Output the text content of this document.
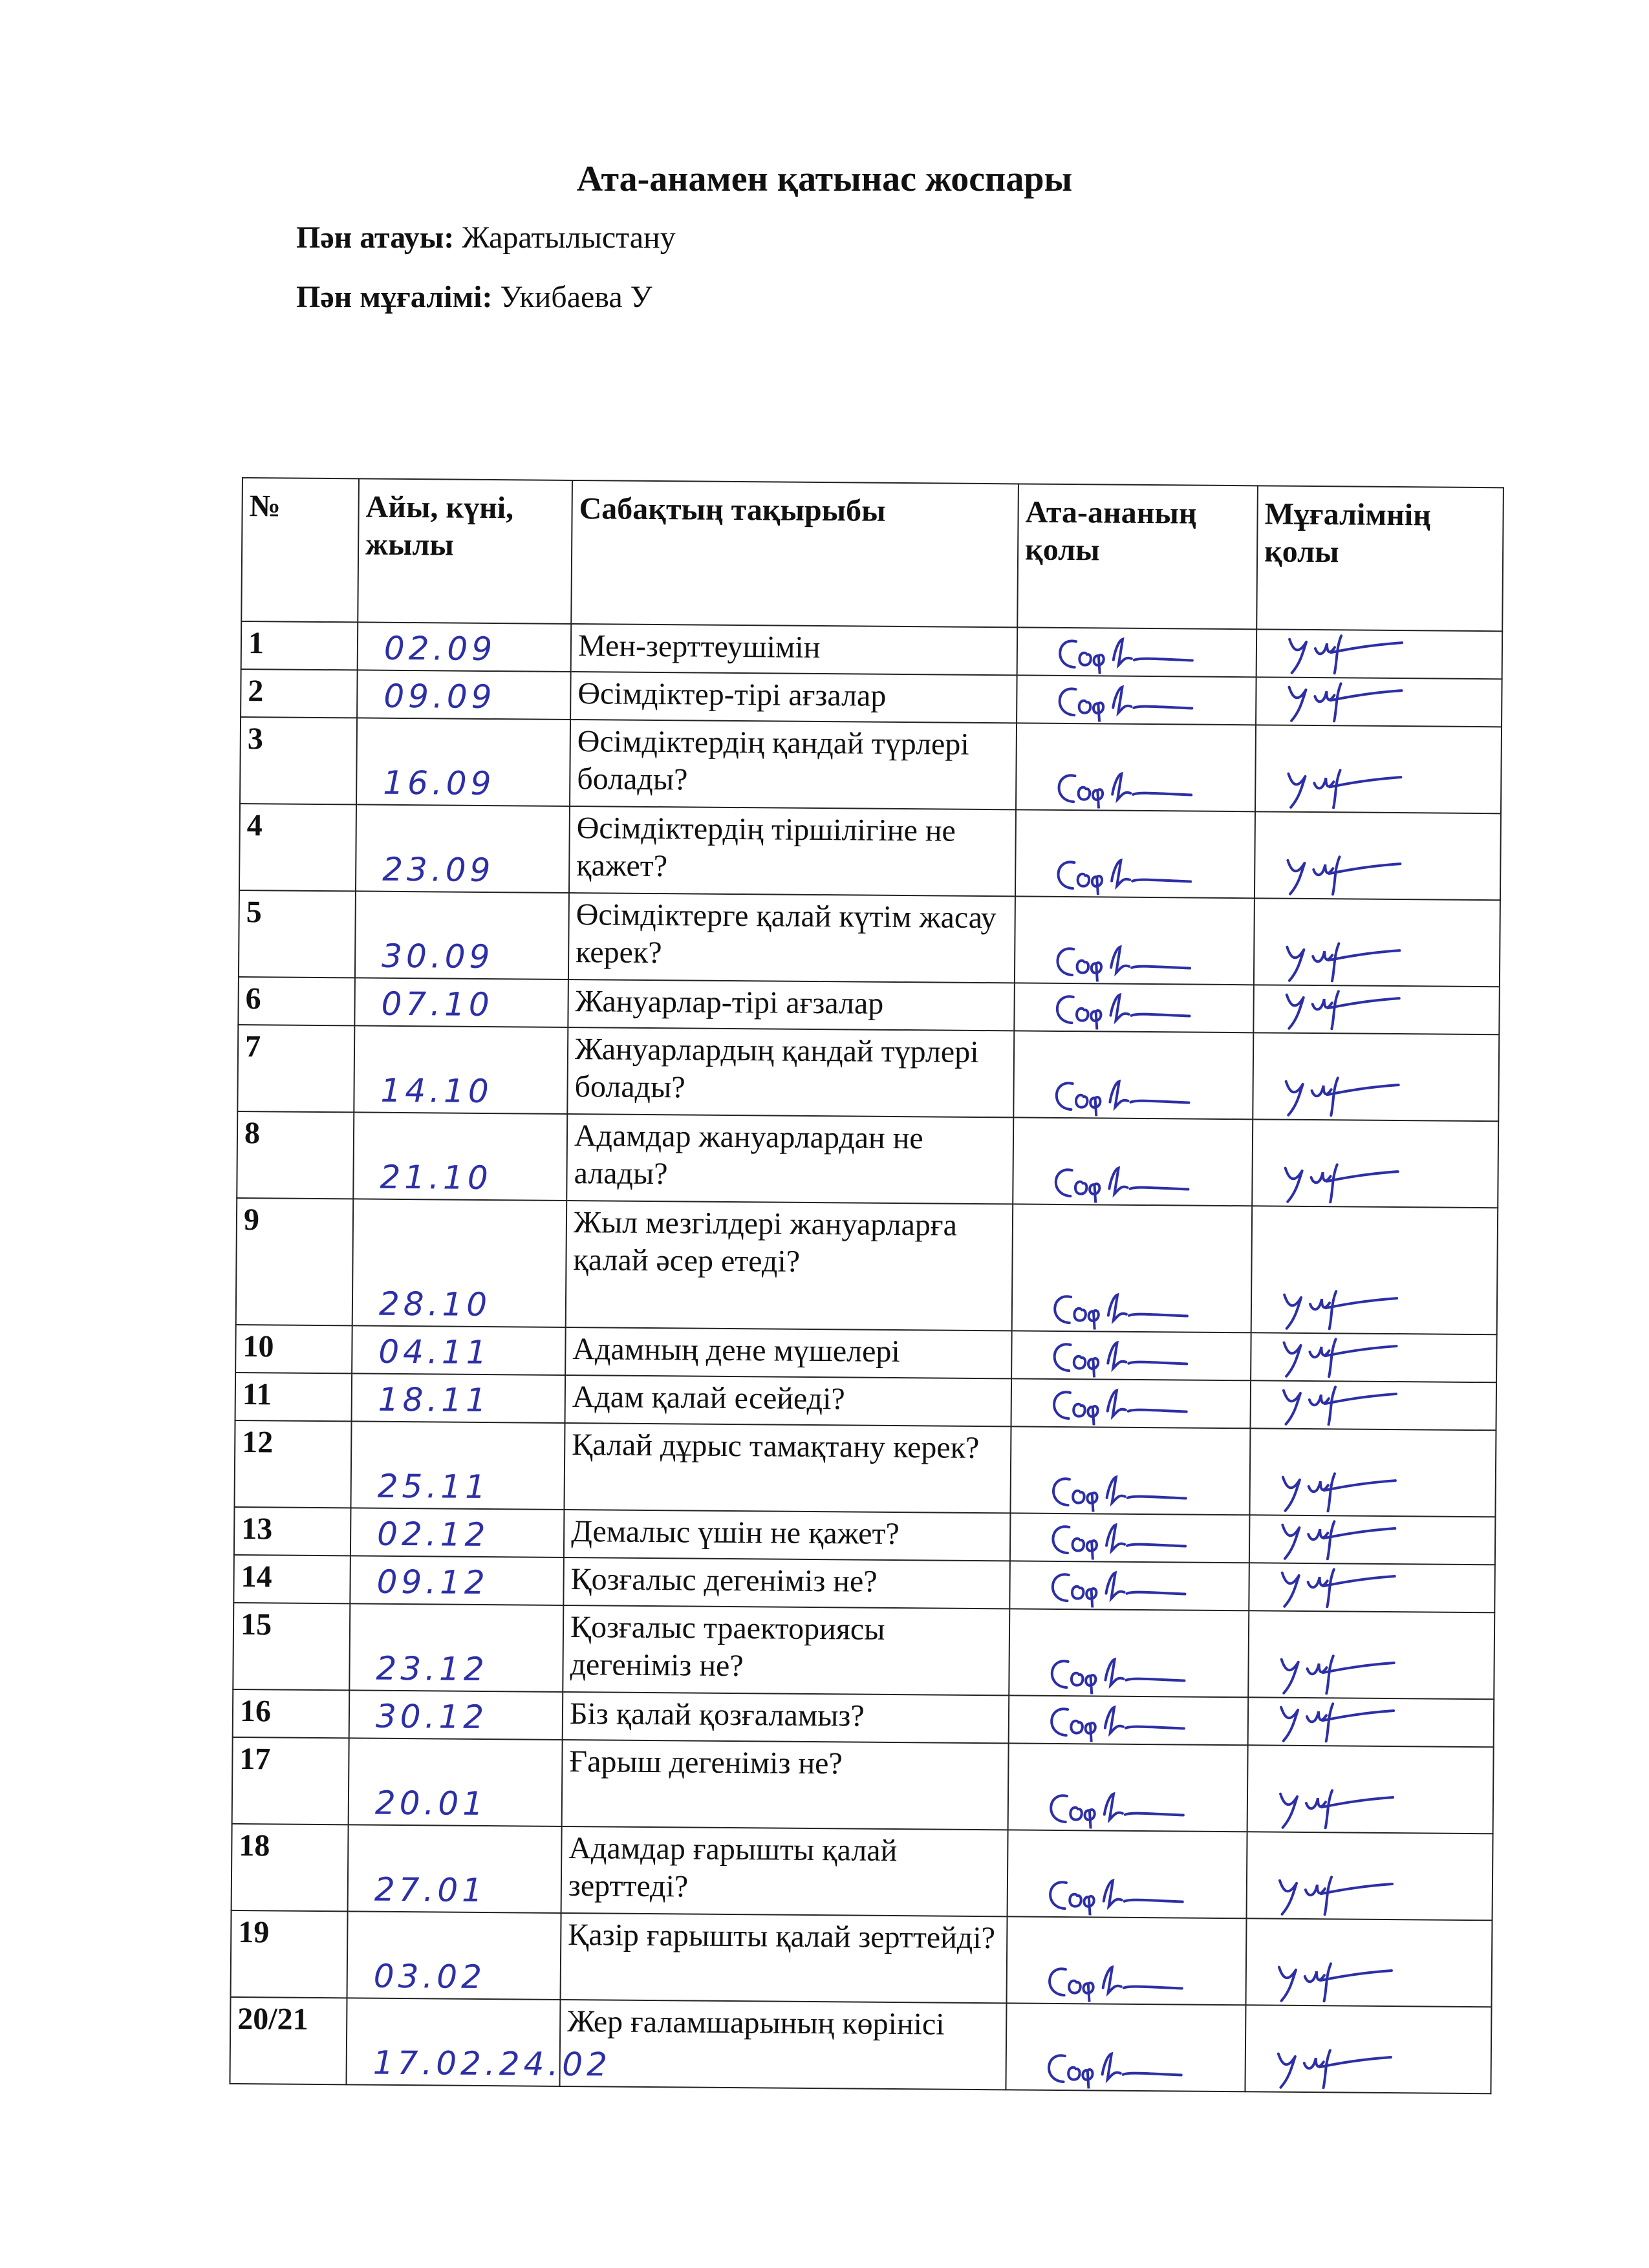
Ата-анамен қатынас жоспары
Пән атауы: Жаратылыстану
Пән мұғалімі: Укибаева У
№	Айы, күні, жылы	Сабақтың тақырыбы	Ата-ананың қолы	Мұғалімнің қолы
1	02.09	Мен-зерттеушімін	

2	09.09	Өсімдіктер-тірі ағзалар	

3	16.09	Өсімдіктердің қандай түрлері болады?	

4	23.09	Өсімдіктердің тіршілігіне не қажет?	

5	30.09	Өсімдіктерге қалай күтім жасау керек?	

6	07.10	Жануарлар-тірі ағзалар	

7	14.10	Жануарлардың қандай түрлері болады?	

8	21.10	Адамдар жануарлардан не алады?	

9	28.10	Жыл мезгілдері жануарларға қалай әсер етеді?	

10	04.11	Адамның дене мүшелері	

11	18.11	Адам қалай есейеді?	

12	25.11	Қалай дұрыс тамақтану керек?	

13	02.12	Демалыс үшін не қажет?	

14	09.12	Қозғалыс дегеніміз не?	

15	23.12	Қозғалыс траекториясы дегеніміз не?	

16	30.12	Біз қалай қозғаламыз?	

17	20.01	Ғарыш дегеніміз не?	

18	27.01	Адамдар ғарышты қалай зерттеді?	

19	03.02	Қазір ғарышты қалай зерттейді?	

20/21	17.02.24.02	Жер ғаламшарының көрінісі	
